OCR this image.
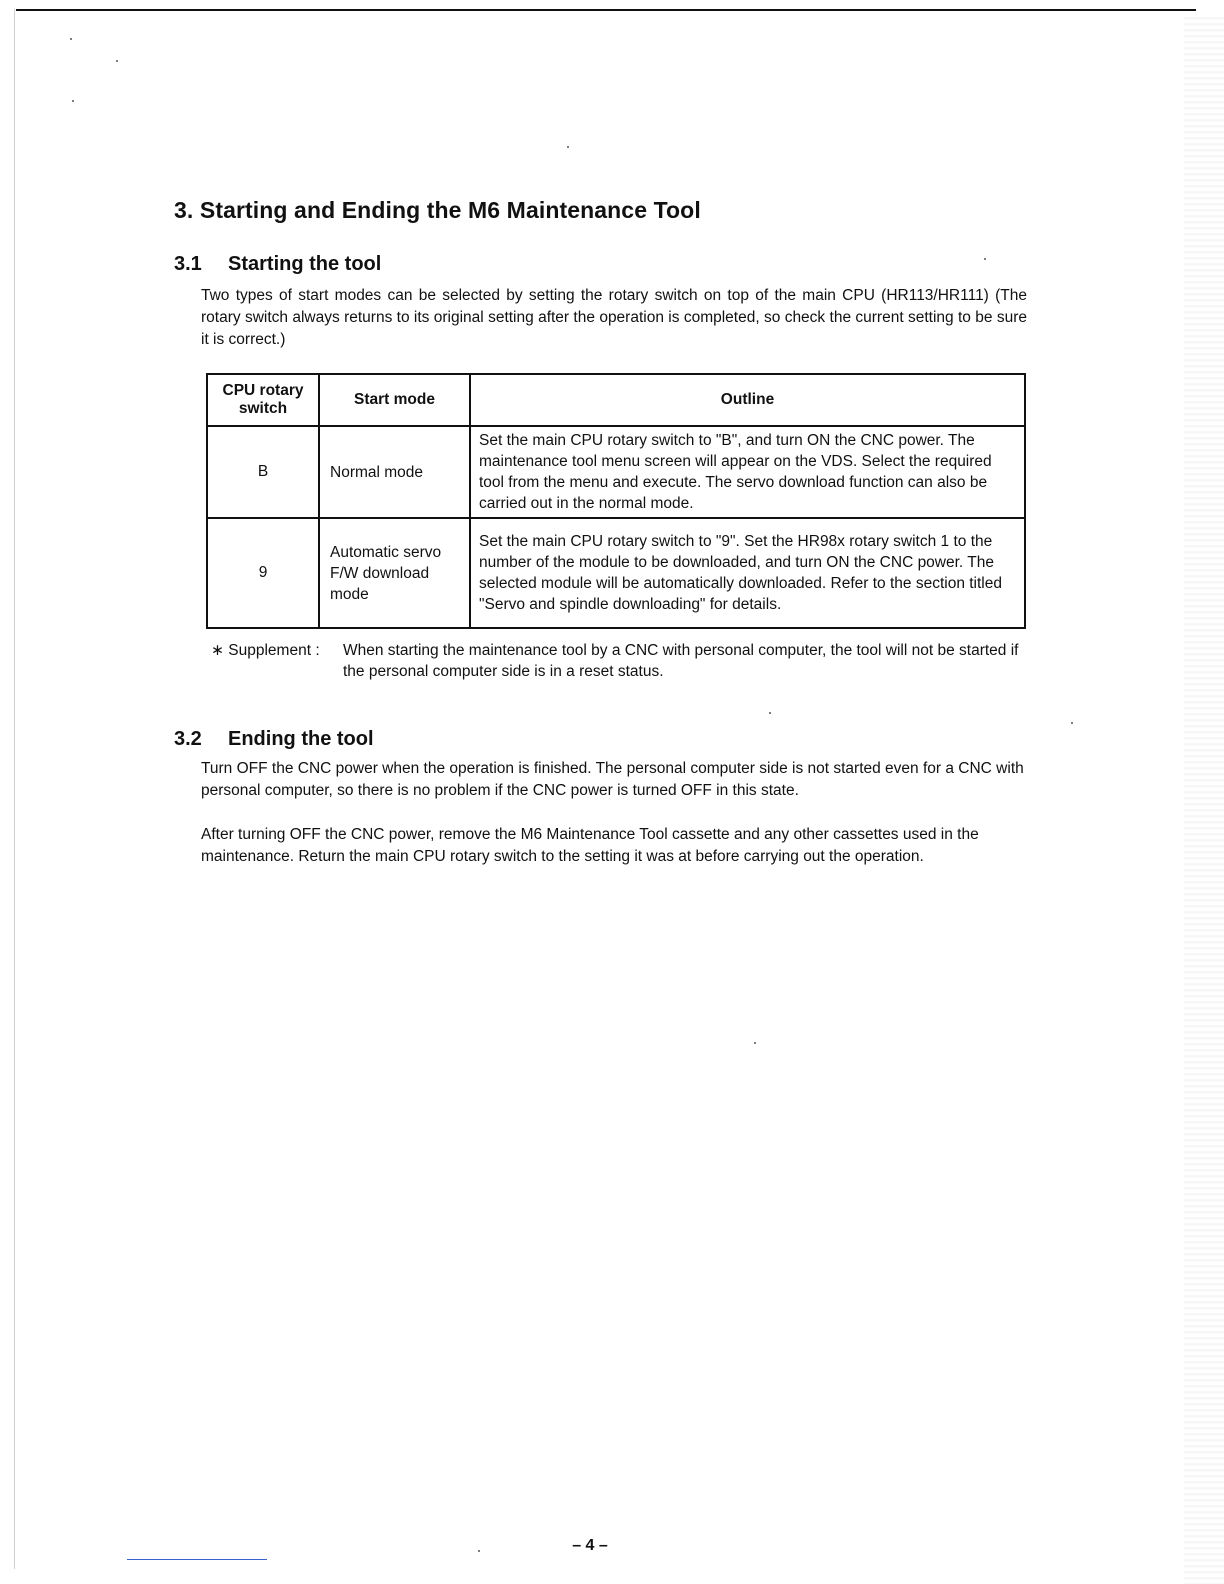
3. Starting and Ending the M6 Maintenance Tool
3.1 Starting the tool

Two types of start modes can be selected by setting the rotary switch on top of the main CPU (HR113/HR111) (The rotary switch always returns to its original setting after the operation is completed, so check the current setting to be sure it is correct.)

CPU rotary switch	Start mode	Outline
B	Normal mode	Set the main CPU rotary switch to "B", and turn ON the CNC power. The maintenance tool menu screen will appear on the VDS. Select the required tool from the menu and execute. The servo download function can also be carried out in the normal mode.
9	Automatic servo F/W download mode	Set the main CPU rotary switch to "9". Set the HR98x rotary switch 1 to the number of the module to be downloaded, and turn ON the CNC power. The selected module will be automatically downloaded. Refer to the section titled "Servo and spindle downloading" for details.
∗ Supplement : When starting the maintenance tool by a CNC with personal computer, the tool will not be started if the personal computer side is in a reset status.
3.2 Ending the tool

Turn OFF the CNC power when the operation is finished. The personal computer side is not started even for a CNC with personal computer, so there is no problem if the CNC power is turned OFF in this state.

After turning OFF the CNC power, remove the M6 Maintenance Tool cassette and any other cassettes used in the maintenance. Return the main CPU rotary switch to the setting it was at before carrying out the operation.

– 4 –
